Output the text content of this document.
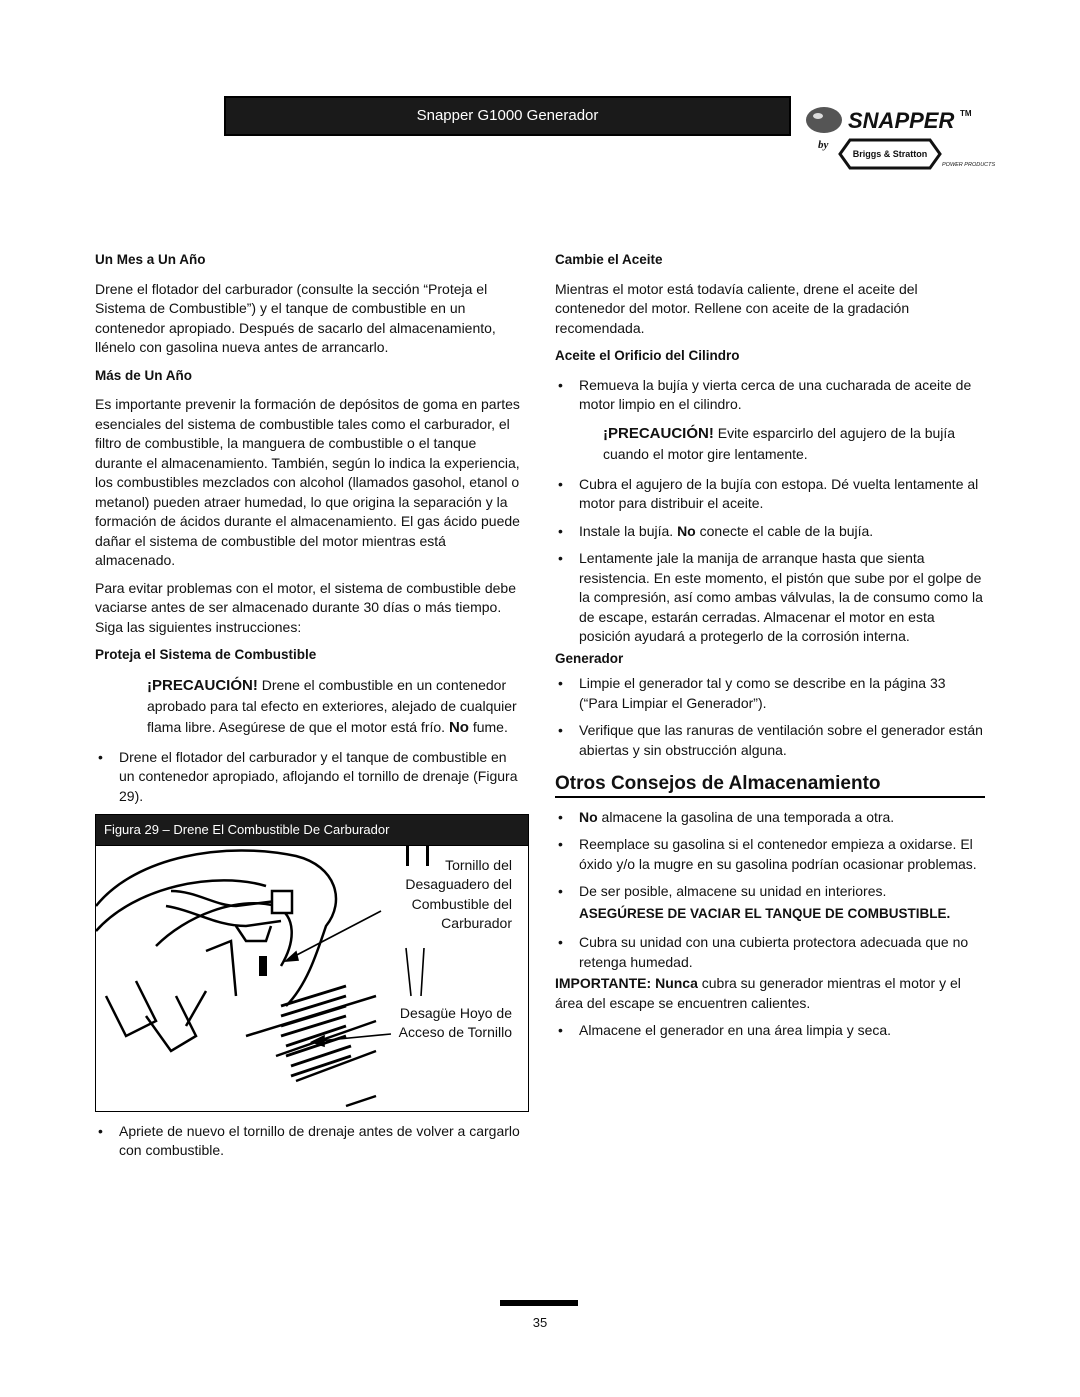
Snapper G1000 Generador	SNAPPER TM
by
Briggs & Stratton
POWER PRODUCTS
Un Mes a Un Año

Drene el flotador del carburador (consulte la sección “Proteja el Sistema de Combustible”) y el tanque de combustible en un contenedor apropiado. Después de sacarlo del almacenamiento, llénelo con gasolina nueva antes de arrancarlo.

Más de Un Año

Es importante prevenir la formación de depósitos de goma en partes esenciales del sistema de combustible tales como el carburador, el filtro de combustible, la manguera de combustible o el tanque durante el almacenamiento. También, según lo indica la experiencia, los combustibles mezclados con alcohol (llamados gasohol, etanol o metanol) pueden atraer humedad, lo que origina la separación y la formación de ácidos durante el almacenamiento. El gas ácido puede dañar el sistema de combustible del motor mientras está almacenado.

Para evitar problemas con el motor, el sistema de combustible debe vaciarse antes de ser almacenado durante 30 días o más tiempo. Siga las siguientes instrucciones:

Proteja el Sistema de Combustible
¡PRECAUCIÓN! Drene el combustible en un contenedor aprobado para tal efecto en exteriores, alejado de cualquier flama libre. Asegúrese de que el motor está frío. No fume.
• Drene el flotador del carburador y el tanque de combustible en un contenedor apropiado, aflojando el tornillo de drenaje (Figura 29).
Figura 29 – Drene El Combustible De Carburador
Tornillo del Desaguadero del Combustible del Carburador
Desagüe Hoyo de Acceso de Tornillo
• Apriete de nuevo el tornillo de drenaje antes de volver a cargarlo con combustible.
Cambie el Aceite

Mientras el motor está todavía caliente, drene el aceite del contenedor del motor. Rellene con aceite de la gradación recomendada.

Aceite el Orificio del Cilindro
• Remueva la bujía y vierta cerca de una cucharada de aceite de motor limpio en el cilindro.
¡PRECAUCIÓN! Evite esparcirlo del agujero de la bujía cuando el motor gire lentamente.
• Cubra el agujero de la bujía con estopa. Dé vuelta lentamente al motor para distribuir el aceite.
• Instale la bujía. No conecte el cable de la bujía.
• Lentamente jale la manija de arranque hasta que sienta resistencia. En este momento, el pistón que sube por el golpe de la compresión, así como ambas válvulas, la de consumo como la de escape, estarán cerradas. Almacenar el motor en esta posición ayudará a protegerlo de la corrosión interna.
Generador
• Limpie el generador tal y como se describe en la página 33 (“Para Limpiar el Generador”).
• Verifique que las ranuras de ventilación sobre el generador están abiertas y sin obstrucción alguna.
Otros Consejos de Almacenamiento
• No almacene la gasolina de una temporada a otra.
• Reemplace su gasolina si el contenedor empieza a oxidarse. El óxido y/o la mugre en su gasolina podrían ocasionar problemas.
• De ser posible, almacene su unidad en interiores.
ASEGÚRESE DE VACIAR EL TANQUE DE COMBUSTIBLE.
• Cubra su unidad con una cubierta protectora adecuada que no retenga humedad.

IMPORTANTE: Nunca cubra su generador mientras el motor y el área del escape se encuentren calientes.

• Almacene el generador en una área limpia y seca.
35
